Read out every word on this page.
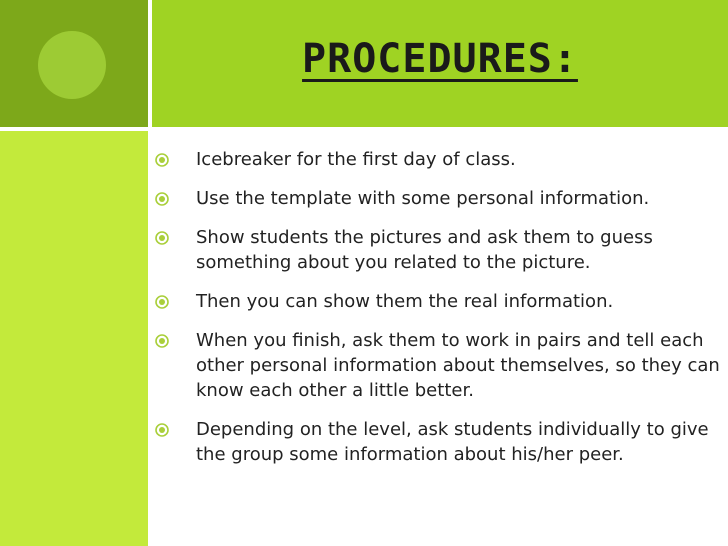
PROCEDURES:
Icebreaker for the first day of class.
Use the template with some personal information.
Show students the pictures and ask them to guess something about you related to the picture.
Then you can show them the real information.
When you finish, ask them to work in pairs and tell each other personal information about themselves, so they can know each other a little better.
Depending on the level, ask students individually to give the group some information about his/her peer.
